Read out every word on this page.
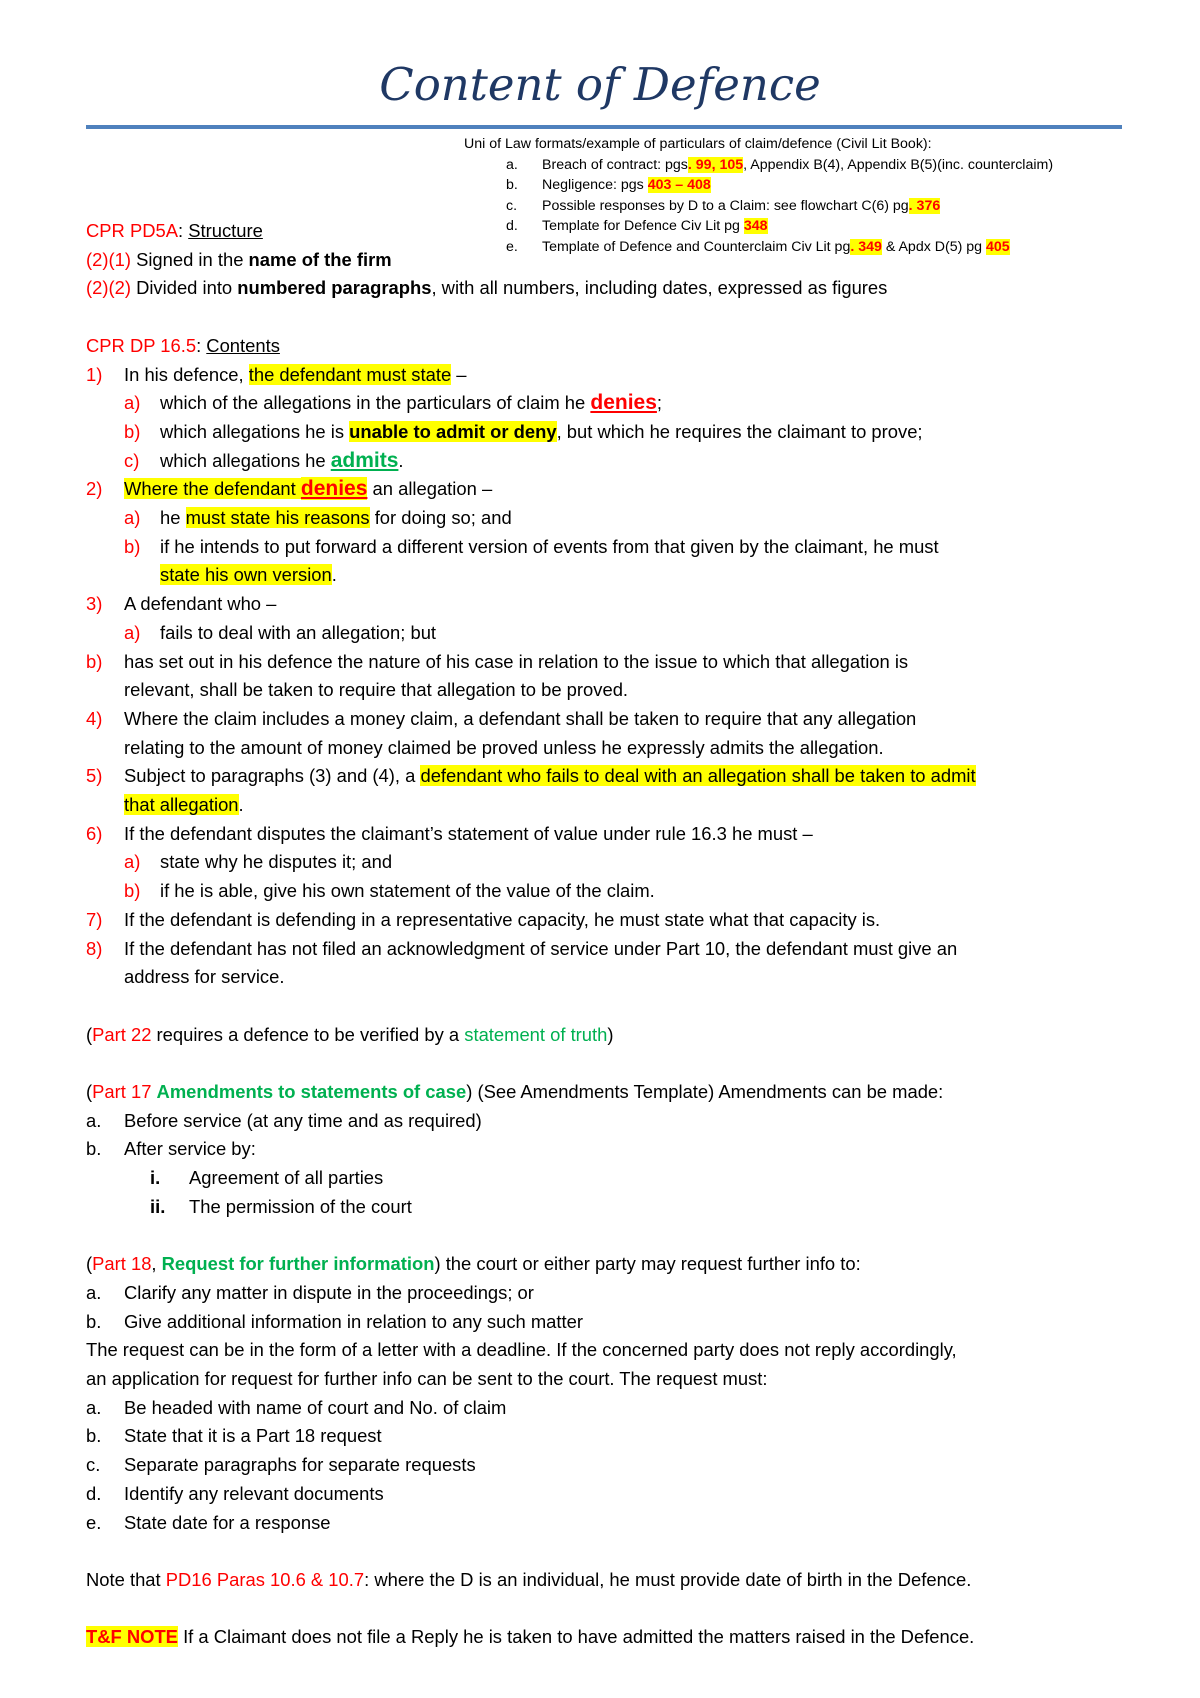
Content of Defence
Uni of Law formats/example of particulars of claim/defence (Civil Lit Book):
a. Breach of contract: pgs. 99, 105, Appendix B(4), Appendix B(5)(inc. counterclaim)
b. Negligence: pgs 403 – 408
c. Possible responses by D to a Claim: see flowchart C(6) pg. 376
d. Template for Defence Civ Lit pg 348
e. Template of Defence and Counterclaim Civ Lit pg. 349 & Apdx D(5) pg 405
CPR PD5A: Structure
(2)(1) Signed in the name of the firm
(2)(2) Divided into numbered paragraphs, with all numbers, including dates, expressed as figures
CPR DP 16.5: Contents
1) In his defence, the defendant must state –
a) which of the allegations in the particulars of claim he denies;
b) which allegations he is unable to admit or deny, but which he requires the claimant to prove;
c) which allegations he admits.
2) Where the defendant denies an allegation –
a) he must state his reasons for doing so; and
b) if he intends to put forward a different version of events from that given by the claimant, he must
state his own version.
3) A defendant who –
a) fails to deal with an allegation; but
b) has set out in his defence the nature of his case in relation to the issue to which that allegation is
relevant, shall be taken to require that allegation to be proved.
4) Where the claim includes a money claim, a defendant shall be taken to require that any allegation
relating to the amount of money claimed be proved unless he expressly admits the allegation.
5) Subject to paragraphs (3) and (4), a defendant who fails to deal with an allegation shall be taken to admit
that allegation.
6) If the defendant disputes the claimant’s statement of value under rule 16.3 he must –
a) state why he disputes it; and
b) if he is able, give his own statement of the value of the claim.
7) If the defendant is defending in a representative capacity, he must state what that capacity is.
8) If the defendant has not filed an acknowledgment of service under Part 10, the defendant must give an
address for service.
(Part 22 requires a defence to be verified by a statement of truth)
(Part 17 Amendments to statements of case) (See Amendments Template) Amendments can be made:
a. Before service (at any time and as required)
b. After service by:
i. Agreement of all parties
ii. The permission of the court
(Part 18, Request for further information) the court or either party may request further info to:
a. Clarify any matter in dispute in the proceedings; or
b. Give additional information in relation to any such matter
The request can be in the form of a letter with a deadline. If the concerned party does not reply accordingly,
an application for request for further info can be sent to the court. The request must:
a. Be headed with name of court and No. of claim
b. State that it is a Part 18 request
c. Separate paragraphs for separate requests
d. Identify any relevant documents
e. State date for a response
Note that PD16 Paras 10.6 & 10.7: where the D is an individual, he must provide date of birth in the Defence.
T&F NOTE If a Claimant does not file a Reply he is taken to have admitted the matters raised in the Defence.
